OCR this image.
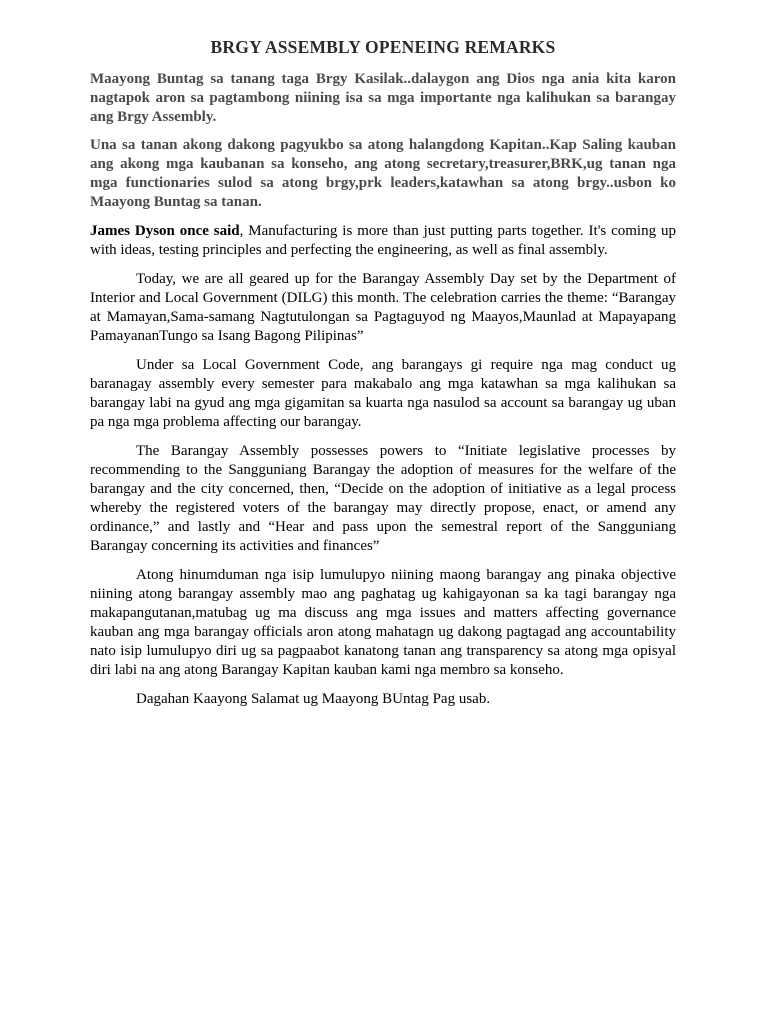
BRGY ASSEMBLY OPENEING REMARKS

Maayong Buntag sa tanang taga Brgy Kasilak..dalaygon ang Dios nga ania kita karon nagtapok aron sa pagtambong niining isa sa mga importante nga kalihukan sa barangay ang Brgy Assembly.

Una sa tanan akong dakong pagyukbo sa atong halangdong Kapitan..Kap Saling kauban ang akong mga kaubanan sa konseho, ang atong secretary,treasurer,BRK,ug tanan nga mga functionaries sulod sa atong brgy,prk leaders,katawhan sa atong brgy..usbon ko Maayong Buntag sa tanan.

James Dyson once said, Manufacturing is more than just putting parts together. It's coming up with ideas, testing principles and perfecting the engineering, as well as final assembly.

Today, we are all geared up for the Barangay Assembly Day set by the Department of Interior and Local Government (DILG) this month. The celebration carries the theme: “Barangay at Mamayan,Sama-samang Nagtutulongan sa Pagtaguyod ng Maayos,Maunlad at Mapayapang PamayananTungo sa Isang Bagong Pilipinas”

Under sa Local Government Code, ang barangays gi require nga mag conduct ug baranagay assembly every semester para makabalo ang mga katawhan sa mga kalihukan sa barangay labi na gyud ang mga gigamitan sa kuarta nga nasulod sa account sa barangay ug uban pa nga mga problema affecting our barangay.

The Barangay Assembly possesses powers to “Initiate legislative processes by recommending to the Sangguniang Barangay the adoption of measures for the welfare of the barangay and the city concerned, then, “Decide on the adoption of initiative as a legal process whereby the registered voters of the barangay may directly propose, enact, or amend any ordinance,” and lastly and “Hear and pass upon the semestral report of the Sangguniang Barangay concerning its activities and finances”

Atong hinumduman nga isip lumulupyo niining maong barangay ang pinaka objective niining atong barangay assembly mao ang paghatag ug kahigayonan sa ka tagi barangay nga makapangutanan,matubag ug ma discuss ang mga issues and matters affecting governance kauban ang mga barangay officials aron atong mahatagn ug dakong pagtagad ang accountability nato isip lumulupyo diri ug sa pagpaabot kanatong tanan ang transparency sa atong mga opisyal diri labi na ang atong Barangay Kapitan kauban kami nga membro sa konseho.

Dagahan Kaayong Salamat ug Maayong BUntag Pag usab.
